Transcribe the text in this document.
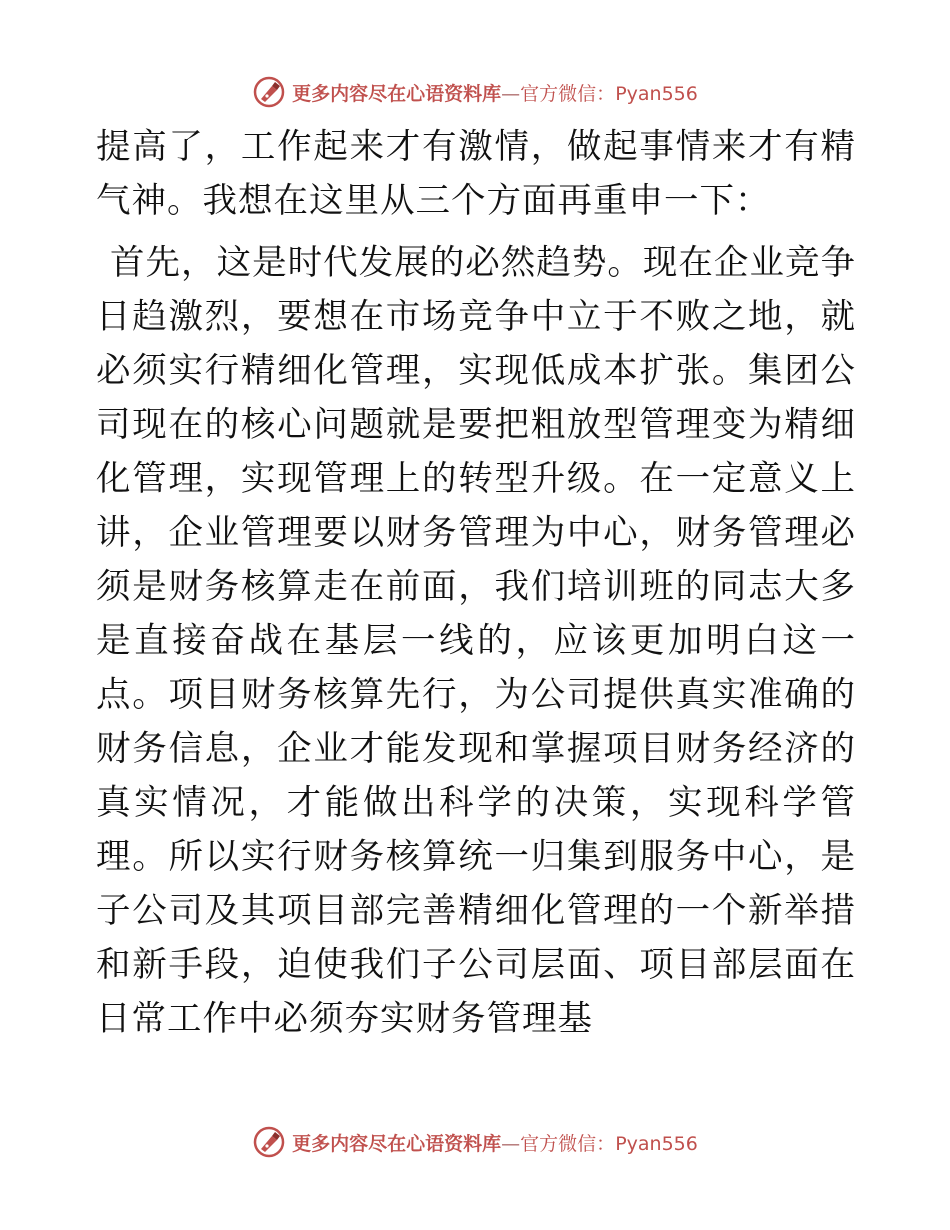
更多内容尽在心语资料库—官方微信：Pyan556

提高了，工作起来才有激情，做起事情来才有精气神。我想在这里从三个方面再重申一下：

首先，这是时代发展的必然趋势。现在企业竞争日趋激烈，要想在市场竞争中立于不败之地，就必须实行精细化管理，实现低成本扩张。集团公司现在的核心问题就是要把粗放型管理变为精细化管理，实现管理上的转型升级。在一定意义上讲，企业管理要以财务管理为中心，财务管理必须是财务核算走在前面，我们培训班的同志大多是直接奋战在基层一线的，应该更加明白这一点。项目财务核算先行，为公司提供真实准确的财务信息，企业才能发现和掌握项目财务经济的真实情况，才能做出科学的决策，实现科学管理。所以实行财务核算统一归集到服务中心，是子公司及其项目部完善精细化管理的一个新举措和新手段，迫使我们子公司层面、项目部层面在日常工作中必须夯实财务管理基

更多内容尽在心语资料库—官方微信：Pyan556
